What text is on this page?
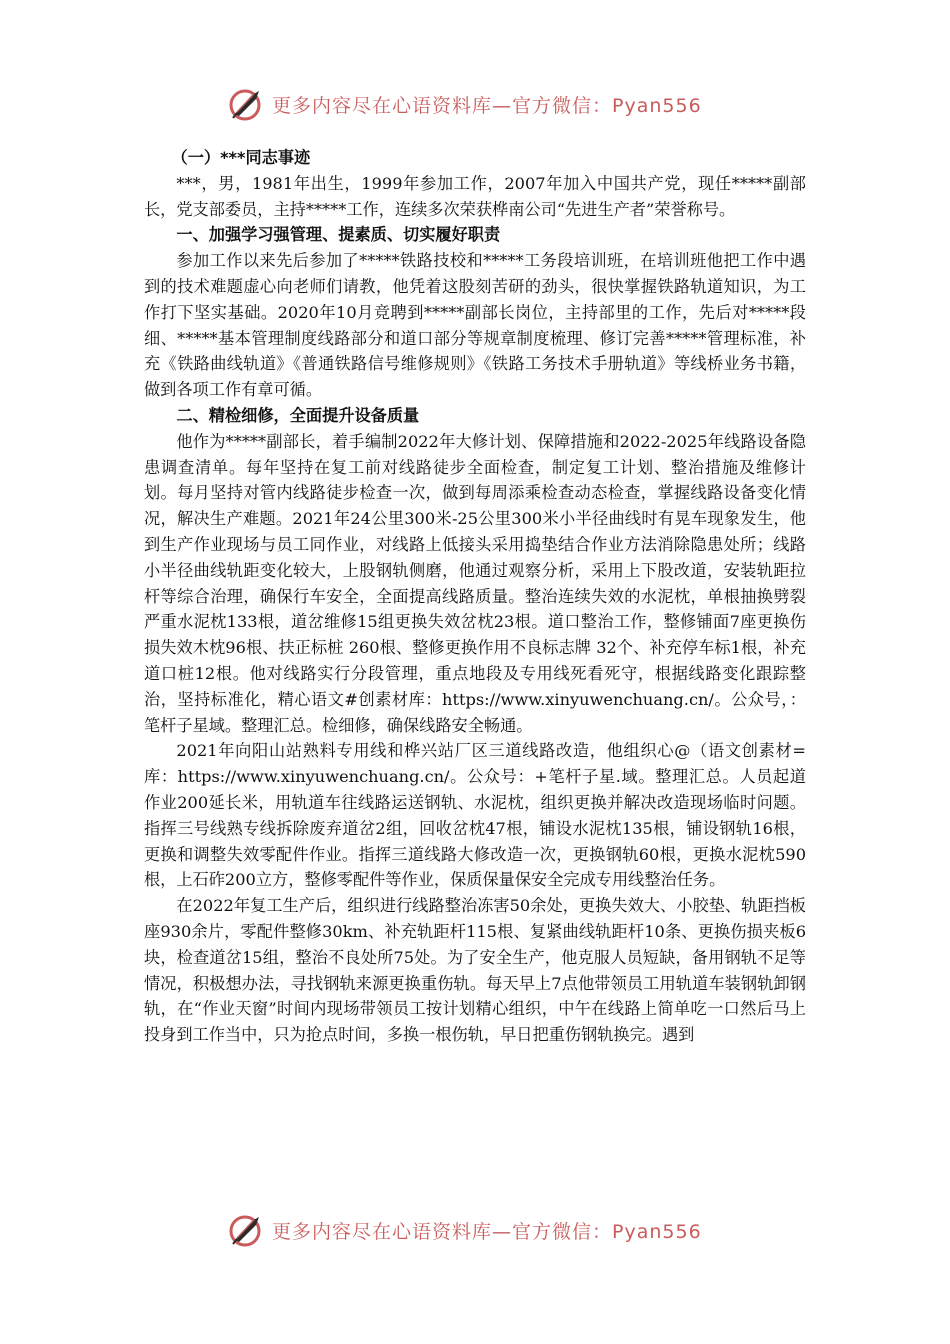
更多内容尽在心语资料库—官方微信：Pyan556

（一）***同志事迹

***，男，1981年出生，1999年参加工作，2007年加入中国共产党，现任*****副部长，党支部委员，主持*****工作，连续多次荣获桦南公司“先进生产者”荣誉称号。

一、加强学习强管理、提素质、切实履好职责

参加工作以来先后参加了*****铁路技校和*****工务段培训班，在培训班他把工作中遇到的技术难题虚心向老师们请教，他凭着这股刻苦研的劲头，很快掌握铁路轨道知识，为工作打下坚实基础。2020年10月竞聘到*****副部长岗位，主持部里的工作，先后对*****段细、*****基本管理制度线路部分和道口部分等规章制度梳理、修订完善*****管理标准，补充《铁路曲线轨道》《普通铁路信号维修规则》《铁路工务技术手册轨道》等线桥业务书籍，做到各项工作有章可循。

二、精检细修，全面提升设备质量

他作为*****副部长，着手编制2022年大修计划、保障措施和2022-2025年线路设备隐患调查清单。每年坚持在复工前对线路徒步全面检查，制定复工计划、整治措施及维修计划。每月坚持对管内线路徒步检查一次，做到每周添乘检查动态检查，掌握线路设备变化情况，解决生产难题。2021年24公里300米-25公里300米小半径曲线时有晃车现象发生，他到生产作业现场与员工同作业，对线路上低接头采用捣垫结合作业方法消除隐患处所；线路小半径曲线轨距变化较大，上股钢轨侧磨，他通过观察分析，采用上下股改道，安装轨距拉杆等综合治理，确保行车安全，全面提高线路质量。整治连续失效的水泥枕，单根抽换劈裂严重水泥枕133根，道岔维修15组更换失效岔枕23根。道口整治工作，整修铺面7座更换伤损失效木枕96根、扶正标桩 260根、整修更换作用不良标志牌 32个、补充停车标1根，补充道口桩12根。他对线路实行分段管理，重点地段及专用线死看死守，根据线路变化跟踪整治，坚持标准化，精心语文#创素材库：https://www.xinyuwenchuang.cn/。公众号，：笔杆子星域。整理汇总。检细修，确保线路安全畅通。

2021年向阳山站熟料专用线和桦兴站厂区三道线路改造，他组织心@（语文创素材=库：https://www.xinyuwenchuang.cn/。公众号：+笔杆子星.域。整理汇总。人员起道作业200延长米，用轨道车往线路运送钢轨、水泥枕，组织更换并解决改造现场临时问题。指挥三号线熟专线拆除废弃道岔2组，回收岔枕47根，铺设水泥枕135根，铺设钢轨16根，更换和调整失效零配件作业。指挥三道线路大修改造一次，更换钢轨60根，更换水泥枕590根，上石砟200立方，整修零配件等作业，保质保量保安全完成专用线整治任务。

在2022年复工生产后，组织进行线路整治冻害50余处，更换失效大、小胶垫、轨距挡板座930余片，零配件整修30km、补充轨距杆115根、复紧曲线轨距杆10条、更换伤损夹板6块，检查道岔15组，整治不良处所75处。为了安全生产，他克服人员短缺，备用钢轨不足等情况，积极想办法，寻找钢轨来源更换重伤轨。每天早上7点他带领员工用轨道车装钢轨卸钢轨，在“作业天窗”时间内现场带领员工按计划精心组织，中午在线路上简单吃一口然后马上投身到工作当中，只为抢点时间，多换一根伤轨，早日把重伤钢轨换完。遇到

更多内容尽在心语资料库—官方微信：Pyan556
